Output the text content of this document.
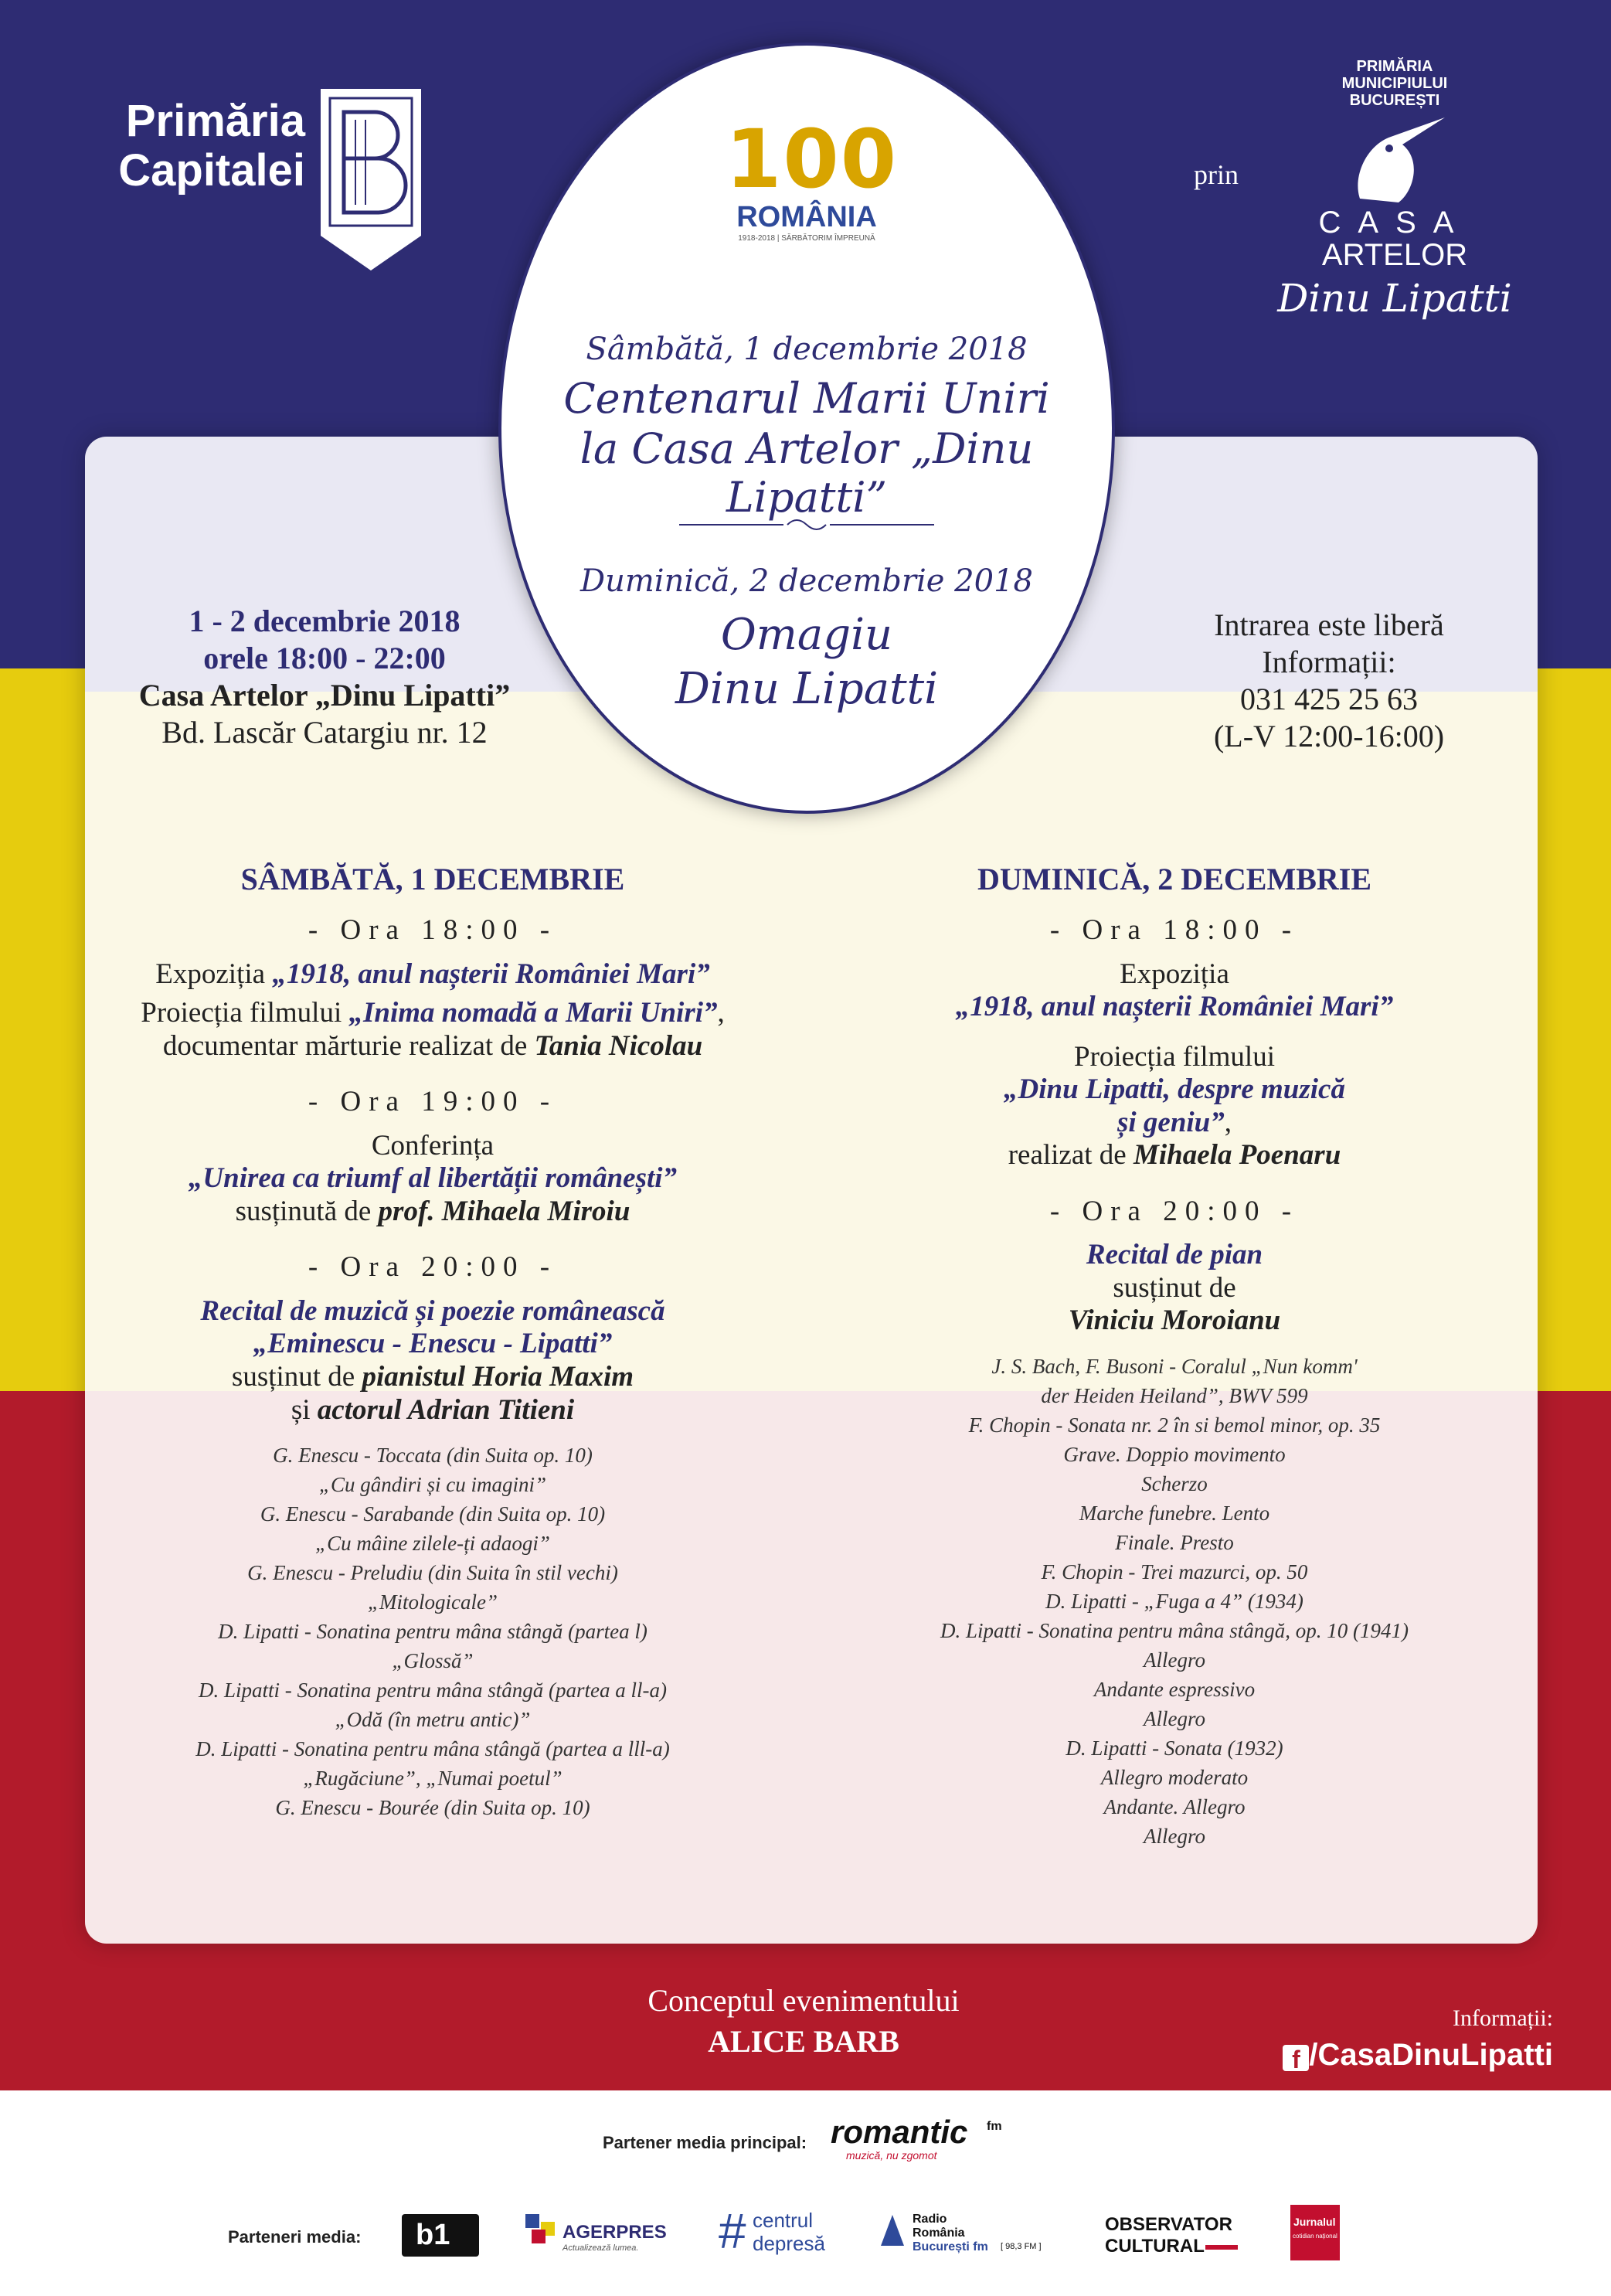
Primăria
Capitalei	prin
PRIMĂRIA
MUNICIPIULUI
BUCUREȘTI
CASA
ARTELOR
Dinu Lipatti
100
ROMÂNIA
1918-2018 | SĂRBĂTORIM ÎMPREUNĂ
Sâmbătă, 1 decembrie 2018
Centenarul Marii Uniri
la Casa Artelor „Dinu Lipatti”
Duminică, 2 decembrie 2018
Omagiu
Dinu Lipatti
1 - 2 decembrie 2018
orele 18:00 - 22:00
Casa Artelor „Dinu Lipatti”
Bd. Lascăr Catargiu nr. 12
Intrarea este liberă
Informații:
031 425 25 63
(L-V 12:00-16:00)
SÂMBĂTĂ, 1 DECEMBRIE
- Ora 18:00 -
Expoziția „1918, anul nașterii României Mari”
Proiecția filmului „Inima nomadă a Marii Uniri”,
documentar mărturie realizat de Tania Nicolau
- Ora 19:00 -
Conferința
„Unirea ca triumf al libertății românești”
susținută de prof. Mihaela Miroiu
- Ora 20:00 -
Recital de muzică și poezie românească
„Eminescu - Enescu - Lipatti”
susținut de pianistul Horia Maxim
și actorul Adrian Titieni
G. Enescu - Toccata (din Suita op. 10)
„Cu gândiri și cu imagini”
G. Enescu - Sarabande (din Suita op. 10)
„Cu mâine zilele-ți adaogi”
G. Enescu - Preludiu (din Suita în stil vechi)
„Mitologicale”
D. Lipatti - Sonatina pentru mâna stângă (partea l)
„Glossă”
D. Lipatti - Sonatina pentru mâna stângă (partea a ll-a)
„Odă (în metru antic)”
D. Lipatti - Sonatina pentru mâna stângă (partea a lll-a)
„Rugăciune”, „Numai poetul”
G. Enescu - Bourée (din Suita op. 10)
DUMINICĂ, 2 DECEMBRIE
- Ora 18:00 -
Expoziția
„1918, anul nașterii României Mari”
Proiecția filmului
„Dinu Lipatti, despre muzică
și geniu”,
realizat de Mihaela Poenaru
- Ora 20:00 -
Recital de pian
susținut de
Viniciu Moroianu
J. S. Bach, F. Busoni - Coralul „Nun komm'
der Heiden Heiland”, BWV 599
F. Chopin - Sonata nr. 2 în si bemol minor, op. 35
Grave. Doppio movimento
Scherzo
Marche funebre. Lento
Finale. Presto
F. Chopin - Trei mazurci, op. 50
D. Lipatti - „Fuga a 4” (1934)
D. Lipatti - Sonatina pentru mâna stângă, op. 10 (1941)
Allegro
Andante espressivo
Allegro
D. Lipatti - Sonata (1932)
Allegro moderato
Andante. Allegro
Allegro
Conceptul evenimentului
ALICE BARB
Informații:
f /CasaDinuLipatti
Partener media principal: romantic fm
muzică, nu zgomot
Parteneri media: b1	AGERPRES
Actualizează lumea. # centrul
depresă
Radio
România
București fm [ 98,3 FM ]
OBSERVATOR
CULTURAL
Jurnalul
cotidian național
